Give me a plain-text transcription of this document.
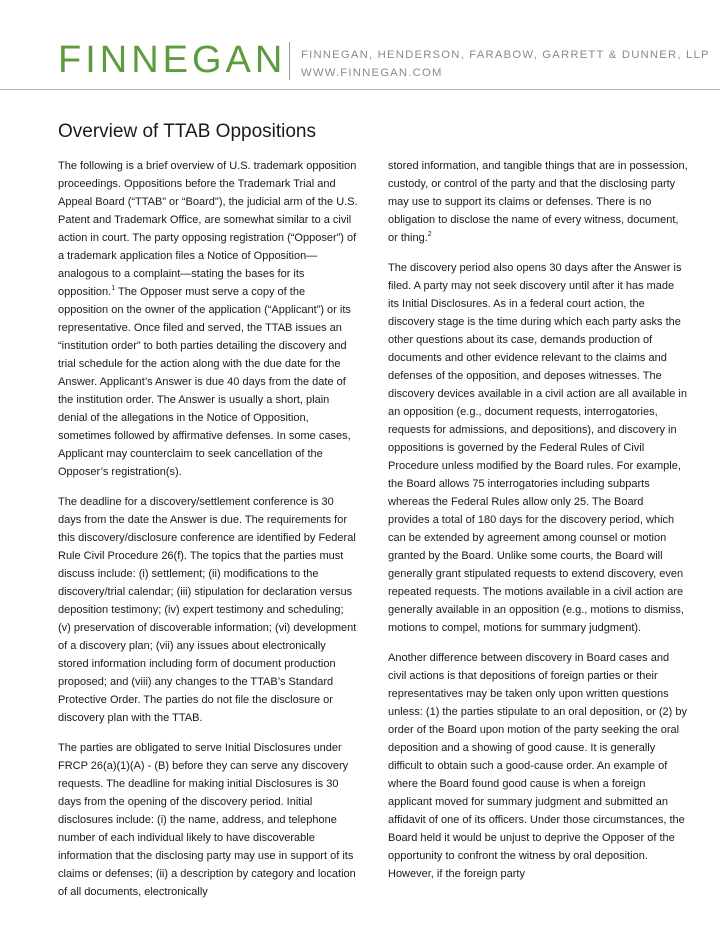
FINNEGAN FINNEGAN, HENDERSON, FARABOW, GARRETT & DUNNER, LLP
WWW.FINNEGAN.COM
Overview of TTAB Oppositions

The following is a brief overview of U.S. trademark opposition proceedings. Oppositions before the Trademark Trial and Appeal Board (“TTAB” or “Board"), the judicial arm of the U.S. Patent and Trademark Office, are somewhat similar to a civil action in court. The party opposing registration (“Opposer”) of a trademark application files a Notice of Opposition—analogous to a complaint—stating the bases for its opposition.$^1$ The Opposer must serve a copy of the opposition on the owner of the application (“Applicant”) or its representative. Once filed and served, the TTAB issues an “institution order” to both parties detailing the discovery and trial schedule for the action along with the due date for the Answer. Applicant’s Answer is due 40 days from the date of the institution order. The Answer is usually a short, plain denial of the allegations in the Notice of Opposition, sometimes followed by affirmative defenses. In some cases, Applicant may counterclaim to seek cancellation of the Opposer’s registration(s).

The deadline for a discovery/settlement conference is 30 days from the date the Answer is due. The requirements for this discovery/disclosure conference are identified by Federal Rule Civil Procedure 26(f). The topics that the parties must discuss include: (i) settlement; (ii) modifications to the discovery/trial calendar; (iii) stipulation for declaration versus deposition testimony; (iv) expert testimony and scheduling; (v) preservation of discoverable information; (vi) development of a discovery plan; (vii) any issues about electronically stored information including form of document production proposed; and (viii) any changes to the TTAB’s Standard Protective Order. The parties do not file the disclosure or discovery plan with the TTAB.

The parties are obligated to serve Initial Disclosures under FRCP 26(a)(1)(A) - (B) before they can serve any discovery requests. The deadline for making initial Disclosures is 30 days from the opening of the discovery period. Initial disclosures include: (i) the name, address, and telephone number of each individual likely to have discoverable information that the disclosing party may use in support of its claims or defenses; (ii) a description by category and location of all documents, electronically

stored information, and tangible things that are in possession, custody, or control of the party and that the disclosing party may use to support its claims or defenses. There is no obligation to disclose the name of every witness, document, or thing.$^2$

The discovery period also opens 30 days after the Answer is filed. A party may not seek discovery until after it has made its Initial Disclosures. As in a federal court action, the discovery stage is the time during which each party asks the other questions about its case, demands production of documents and other evidence relevant to the claims and defenses of the opposition, and deposes witnesses. The discovery devices available in a civil action are all available in an opposition (e.g., document requests, interrogatories, requests for admissions, and depositions), and discovery in oppositions is governed by the Federal Rules of Civil Procedure unless modified by the Board rules. For example, the Board allows 75 interrogatories including subparts whereas the Federal Rules allow only 25. The Board provides a total of 180 days for the discovery period, which can be extended by agreement among counsel or motion granted by the Board. Unlike some courts, the Board will generally grant stipulated requests to extend discovery, even repeated requests. The motions available in a civil action are generally available in an opposition (e.g., motions to dismiss, motions to compel, motions for summary judgment).

Another difference between discovery in Board cases and civil actions is that depositions of foreign parties or their representatives may be taken only upon written questions unless: (1) the parties stipulate to an oral deposition, or (2) by order of the Board upon motion of the party seeking the oral deposition and a showing of good cause. It is generally difficult to obtain such a good-cause order. An example of where the Board found good cause is when a foreign applicant moved for summary judgment and submitted an affidavit of one of its officers. Under those circumstances, the Board held it would be unjust to deprive the Opposer of the opportunity to confront the witness by oral deposition. However, if the foreign party
